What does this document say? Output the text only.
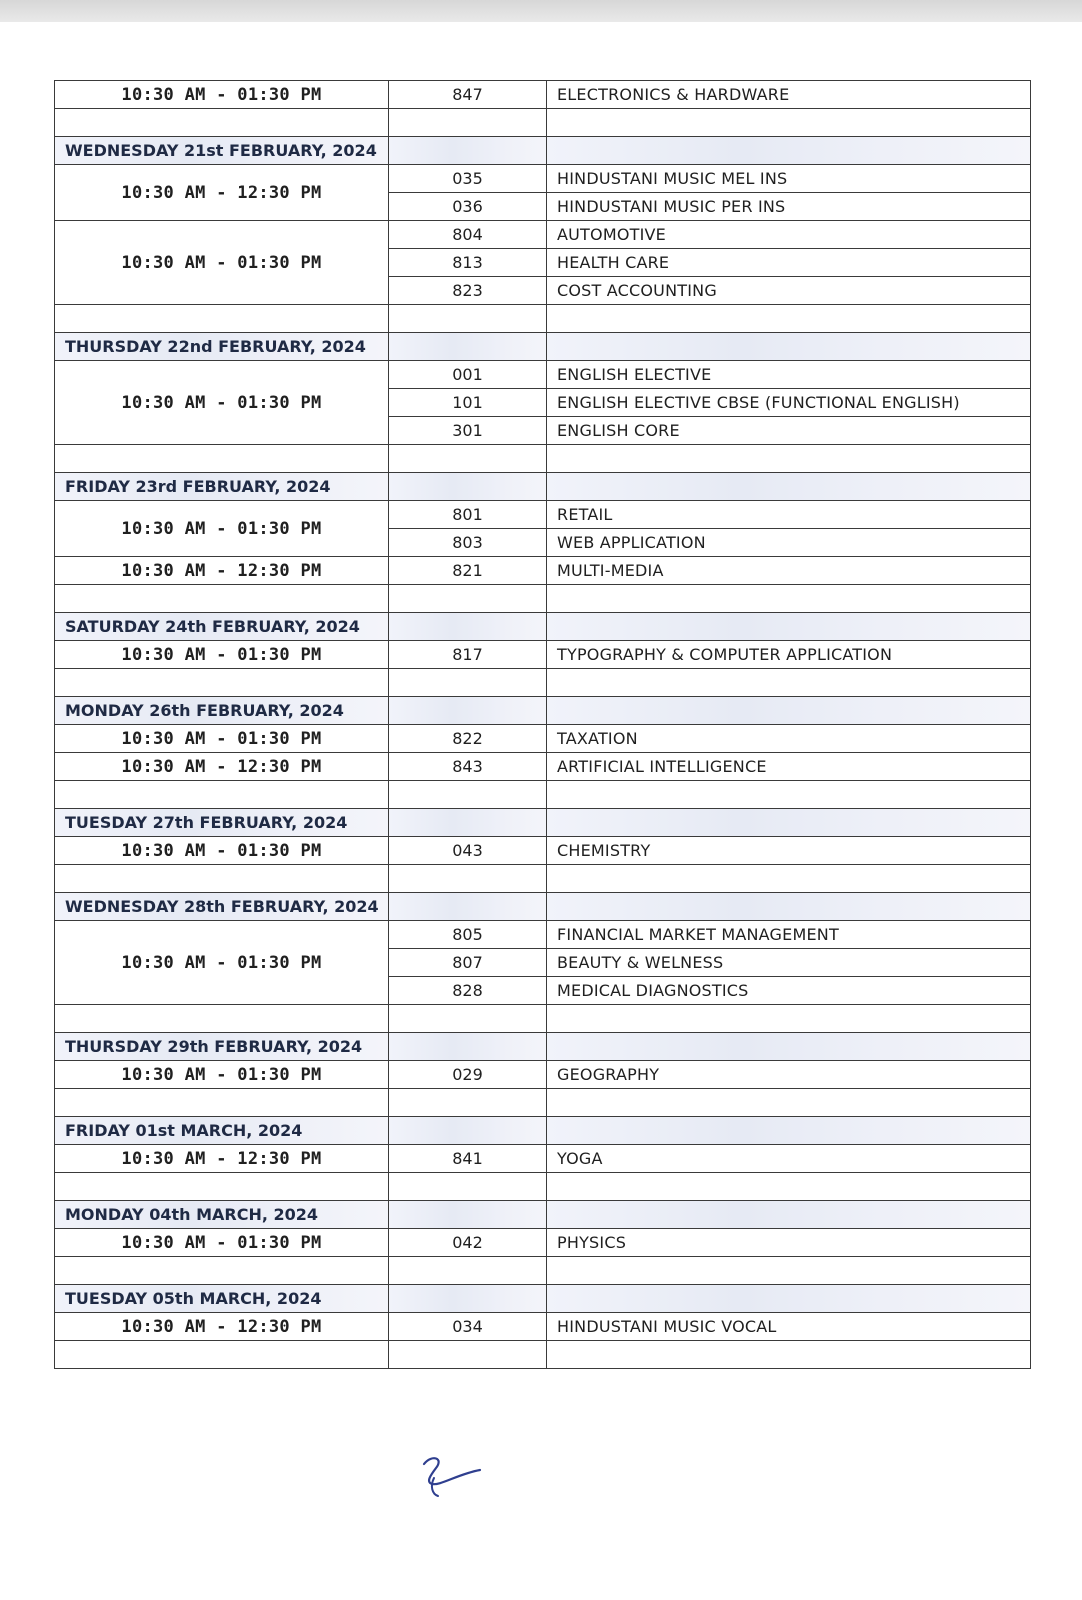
10:30 AM - 01:30 PM	847	ELECTRONICS & HARDWARE

WEDNESDAY 21st FEBRUARY, 2024		
10:30 AM - 12:30 PM	035	HINDUSTANI MUSIC MEL INS
	036	HINDUSTANI MUSIC PER INS
10:30 AM - 01:30 PM	804	AUTOMOTIVE
	813	HEALTH CARE
	823	COST ACCOUNTING

THURSDAY 22nd FEBRUARY, 2024		
10:30 AM - 01:30 PM	001	ENGLISH ELECTIVE
	101	ENGLISH ELECTIVE CBSE (FUNCTIONAL ENGLISH)
	301	ENGLISH CORE

FRIDAY 23rd FEBRUARY, 2024		
10:30 AM - 01:30 PM	801	RETAIL
	803	WEB APPLICATION
10:30 AM - 12:30 PM	821	MULTI-MEDIA

SATURDAY 24th FEBRUARY, 2024		
10:30 AM - 01:30 PM	817	TYPOGRAPHY & COMPUTER APPLICATION

MONDAY 26th FEBRUARY, 2024		
10:30 AM - 01:30 PM	822	TAXATION
10:30 AM - 12:30 PM	843	ARTIFICIAL INTELLIGENCE

TUESDAY 27th FEBRUARY, 2024		
10:30 AM - 01:30 PM	043	CHEMISTRY

WEDNESDAY 28th FEBRUARY, 2024		
10:30 AM - 01:30 PM	805	FINANCIAL MARKET MANAGEMENT
	807	BEAUTY & WELNESS
	828	MEDICAL DIAGNOSTICS

THURSDAY 29th FEBRUARY, 2024		
10:30 AM - 01:30 PM	029	GEOGRAPHY

FRIDAY 01st MARCH, 2024		
10:30 AM - 12:30 PM	841	YOGA

MONDAY 04th MARCH, 2024		
10:30 AM - 01:30 PM	042	PHYSICS

TUESDAY 05th MARCH, 2024		
10:30 AM - 12:30 PM	034	HINDUSTANI MUSIC VOCAL
